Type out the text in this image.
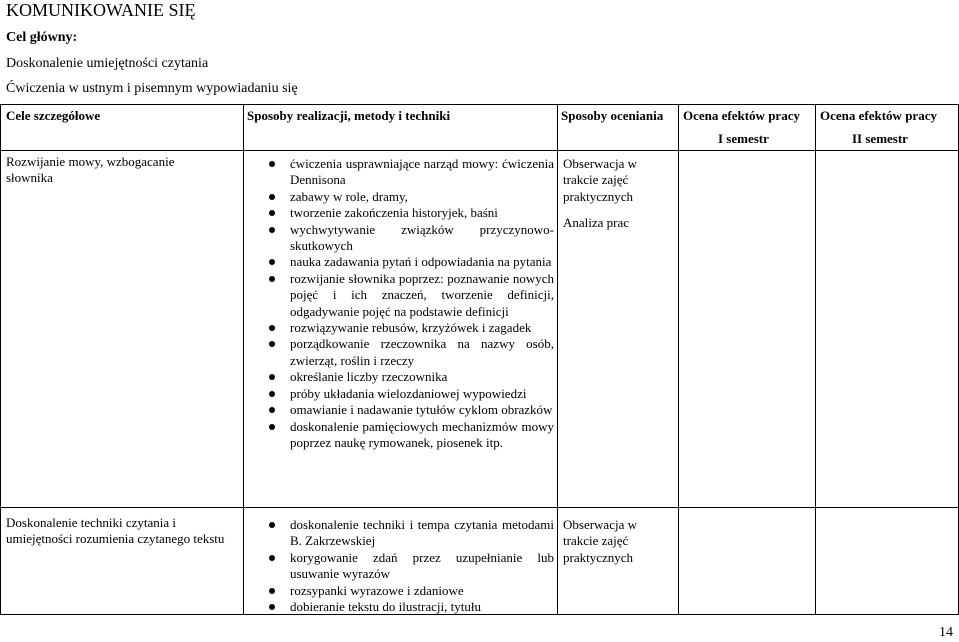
KOMUNIKOWANIE SIĘ
Cel główny:
Doskonalenie umiejętności czytania
Ćwiczenia w ustnym i pisemnym wypowiadaniu się
Cele szczegółowe	Sposoby realizacji, metody i techniki	Sposoby oceniania Ocena efektów pracy
I semestr
Ocena efektów pracy
II semestr
Rozwijanie mowy, wzbogacanie
słownika
ćwiczenia usprawniające narząd mowy: ćwiczenia Dennisona
zabawy w role, dramy,
tworzenie zakończenia historyjek, baśni
wychwytywanie związków przyczynowo-skutkowych
nauka zadawania pytań i odpowiadania na pytania
rozwijanie słownika poprzez: poznawanie nowych pojęć i ich znaczeń, tworzenie definicji, odgadywanie pojęć na podstawie definicji
rozwiązywanie rebusów, krzyżówek i zagadek
porządkowanie rzeczownika na nazwy osób, zwierząt, roślin i rzeczy
określanie liczby rzeczownika
próby układania wielozdaniowej wypowiedzi
omawianie i nadawanie tytułów cyklom obrazków
doskonalenie pamięciowych mechanizmów mowy poprzez naukę rymowanek, piosenek itp.
Obserwacja w
trakcie zajęć
praktycznych
Analiza prac
Doskonalenie techniki czytania i
umiejętności rozumienia czytanego tekstu
doskonalenie techniki i tempa czytania metodami B. Zakrzewskiej
korygowanie zdań przez uzupełnianie lub usuwanie wyrazów
rozsypanki wyrazowe i zdaniowe
dobieranie tekstu do ilustracji, tytułu
Obserwacja w
trakcie zajęć
praktycznych
14
